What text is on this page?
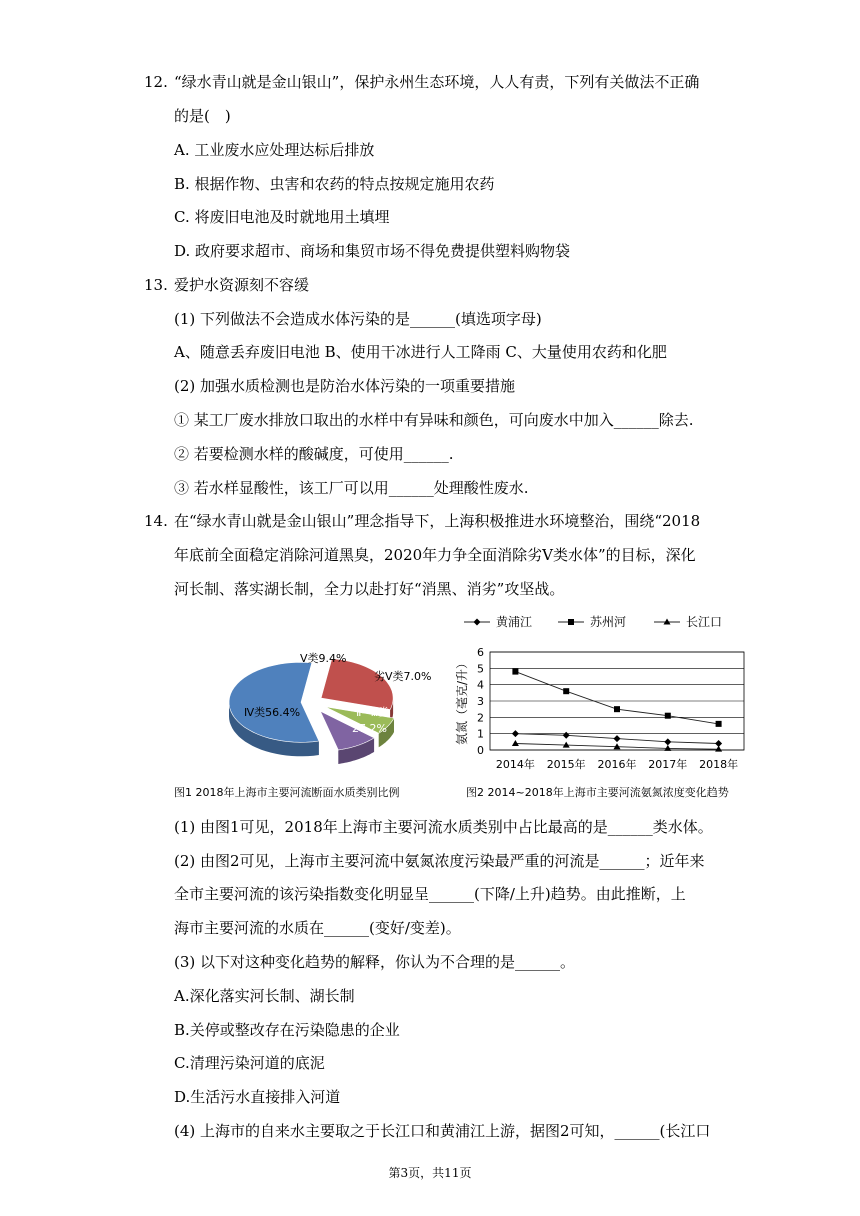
12. “绿水青山就是金山银山”，保护永州生态环境，人人有责，下列有关做法不正确
的是(　)
A. 工业废水应处理达标后排放
B. 根据作物、虫害和农药的特点按规定施用农药
C. 将废旧电池及时就地用土填埋
D. 政府要求超市、商场和集贸市场不得免费提供塑料购物袋
13. 爱护水资源刻不容缓
(1) 下列做法不会造成水体污染的是______(填选项字母)
A、随意丢弃废旧电池 B、使用干冰进行人工降雨 C、大量使用农药和化肥
(2) 加强水质检测也是防治水体污染的一项重要措施
① 某工厂废水排放口取出的水样中有异味和颜色，可向废水中加入______除去.
② 若要检测水样的酸碱度，可使用______.
③ 若水样显酸性，该工厂可以用______处理酸性废水.
14. 在“绿水青山就是金山银山”理念指导下，上海积极推进水环境整治，围绕“2018
年底前全面稳定消除河道黑臭，2020年力争全面消除劣V类水体”的目标，深化
河长制、落实湖长制，全力以赴打好“消黑、消劣”攻坚战。
Ⅳ类56.4%	Ⅱ~Ⅲ类
27.2%
劣Ⅴ类7.0%
Ⅴ类9.4%
0
1
2
3
4
5
6
2014年 2015年 2016年 2017年 2018年
氨氮（毫克/升）
黄浦江	苏州河	长江口
图1 2018年上海市主要河流断面水质类别比例	图2 2014~2018年上海市主要河流氨氮浓度变化趋势
(1) 由图1可见，2018年上海市主要河流水质类别中占比最高的是______类水体。
(2) 由图2可见，上海市主要河流中氨氮浓度污染最严重的河流是______；近年来
全市主要河流的该污染指数变化明显呈______(下降/上升)趋势。由此推断，上
海市主要河流的水质在______(变好/变差)。
(3) 以下对这种变化趋势的解释，你认为不合理的是______。
A.深化落实河长制、湖长制
B.关停或整改存在污染隐患的企业
C.清理污染河道的底泥
D.生活污水直接排入河道
(4) 上海市的自来水主要取之于长江口和黄浦江上游，据图2可知，______(长江口
第3页，共11页
